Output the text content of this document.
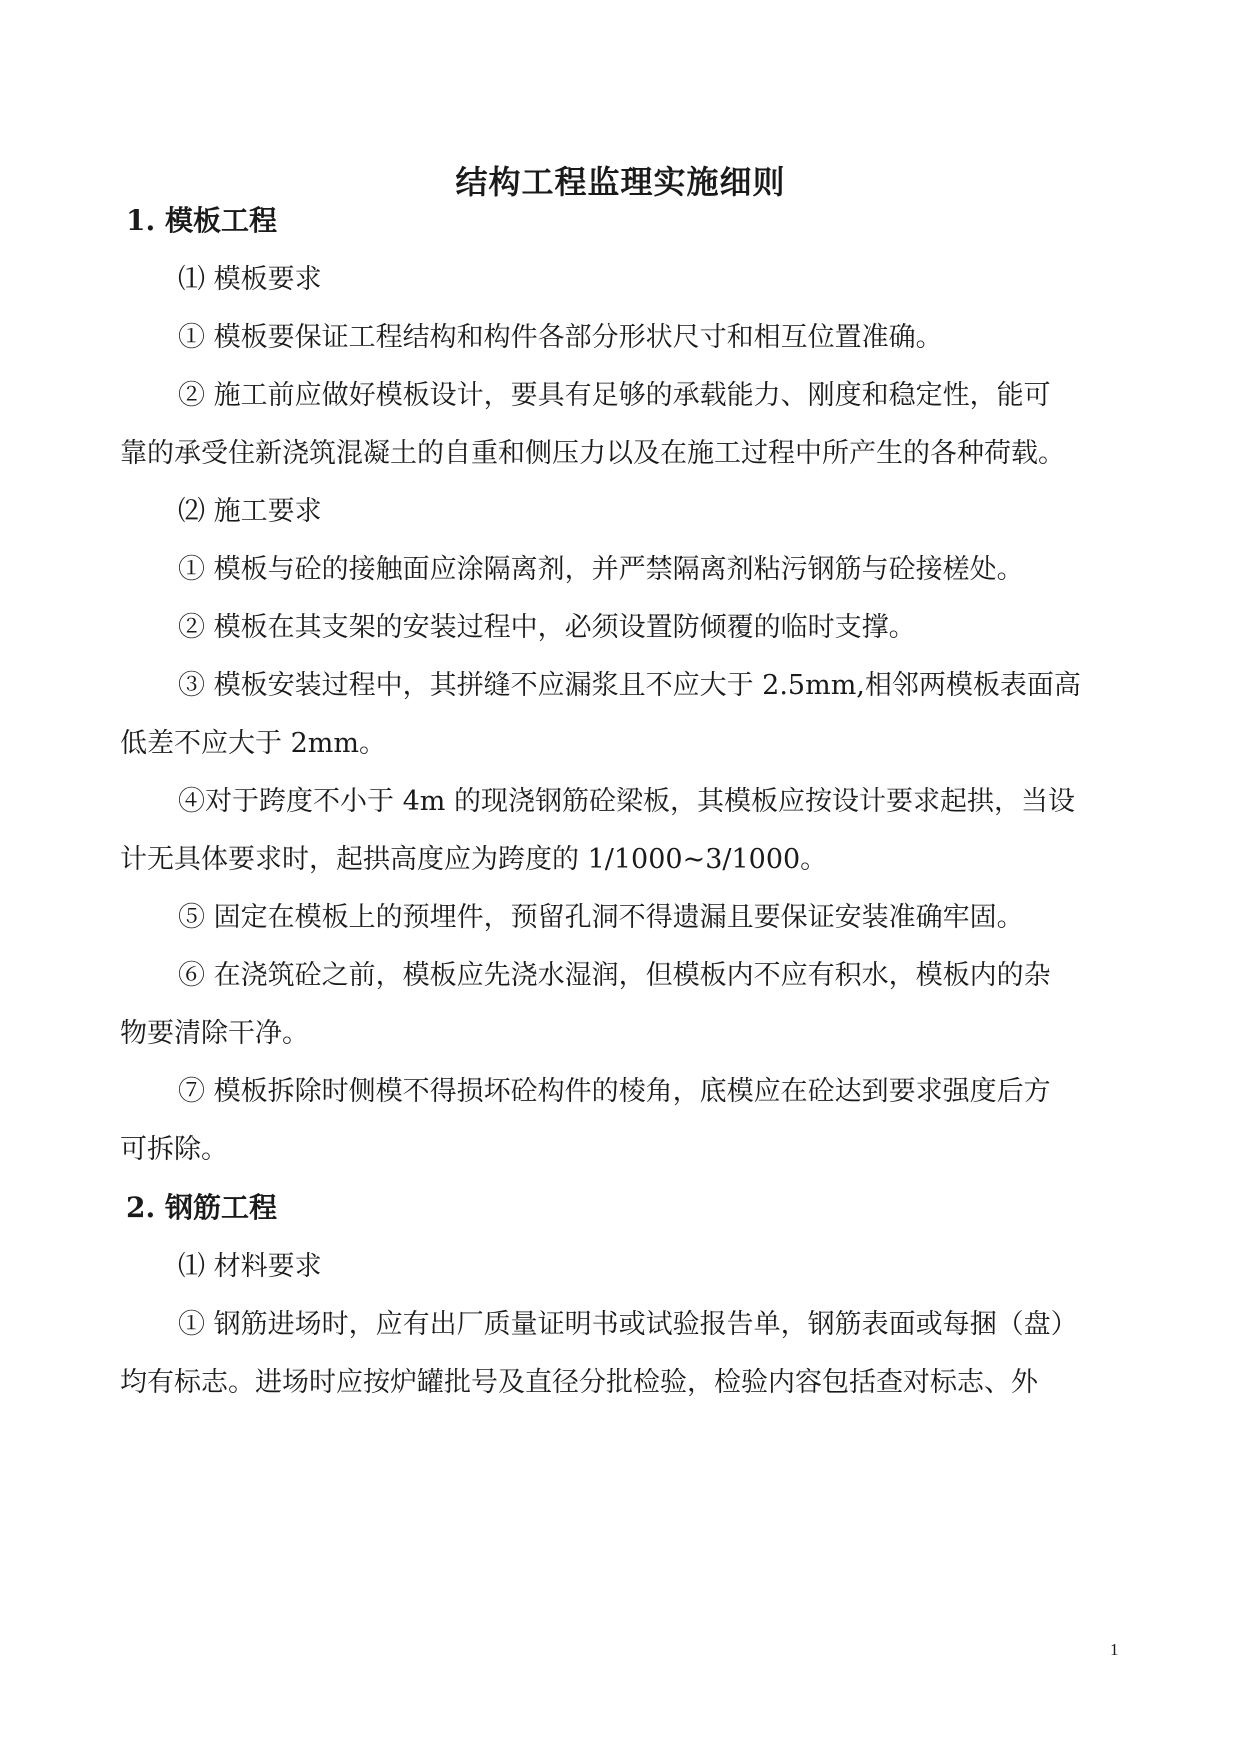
结构工程监理实施细则
1. 模板工程
⑴ 模板要求
① 模板要保证工程结构和构件各部分形状尺寸和相互位置准确。
② 施工前应做好模板设计，要具有足够的承载能力、刚度和稳定性，能可
靠的承受住新浇筑混凝土的自重和侧压力以及在施工过程中所产生的各种荷载。
⑵ 施工要求
① 模板与砼的接触面应涂隔离剂，并严禁隔离剂粘污钢筋与砼接槎处。
② 模板在其支架的安装过程中，必须设置防倾覆的临时支撑。
③ 模板安装过程中，其拼缝不应漏浆且不应大于 2.5mm,相邻两模板表面高
低差不应大于 2mm。
④对于跨度不小于 4m 的现浇钢筋砼梁板，其模板应按设计要求起拱，当设
计无具体要求时，起拱高度应为跨度的 1/1000~3/1000。
⑤ 固定在模板上的预埋件，预留孔洞不得遗漏且要保证安装准确牢固。
⑥ 在浇筑砼之前，模板应先浇水湿润，但模板内不应有积水，模板内的杂
物要清除干净。
⑦ 模板拆除时侧模不得损坏砼构件的棱角，底模应在砼达到要求强度后方
可拆除。
2. 钢筋工程
⑴ 材料要求
① 钢筋进场时，应有出厂质量证明书或试验报告单，钢筋表面或每捆（盘）
均有标志。进场时应按炉罐批号及直径分批检验，检验内容包括查对标志、外
1
